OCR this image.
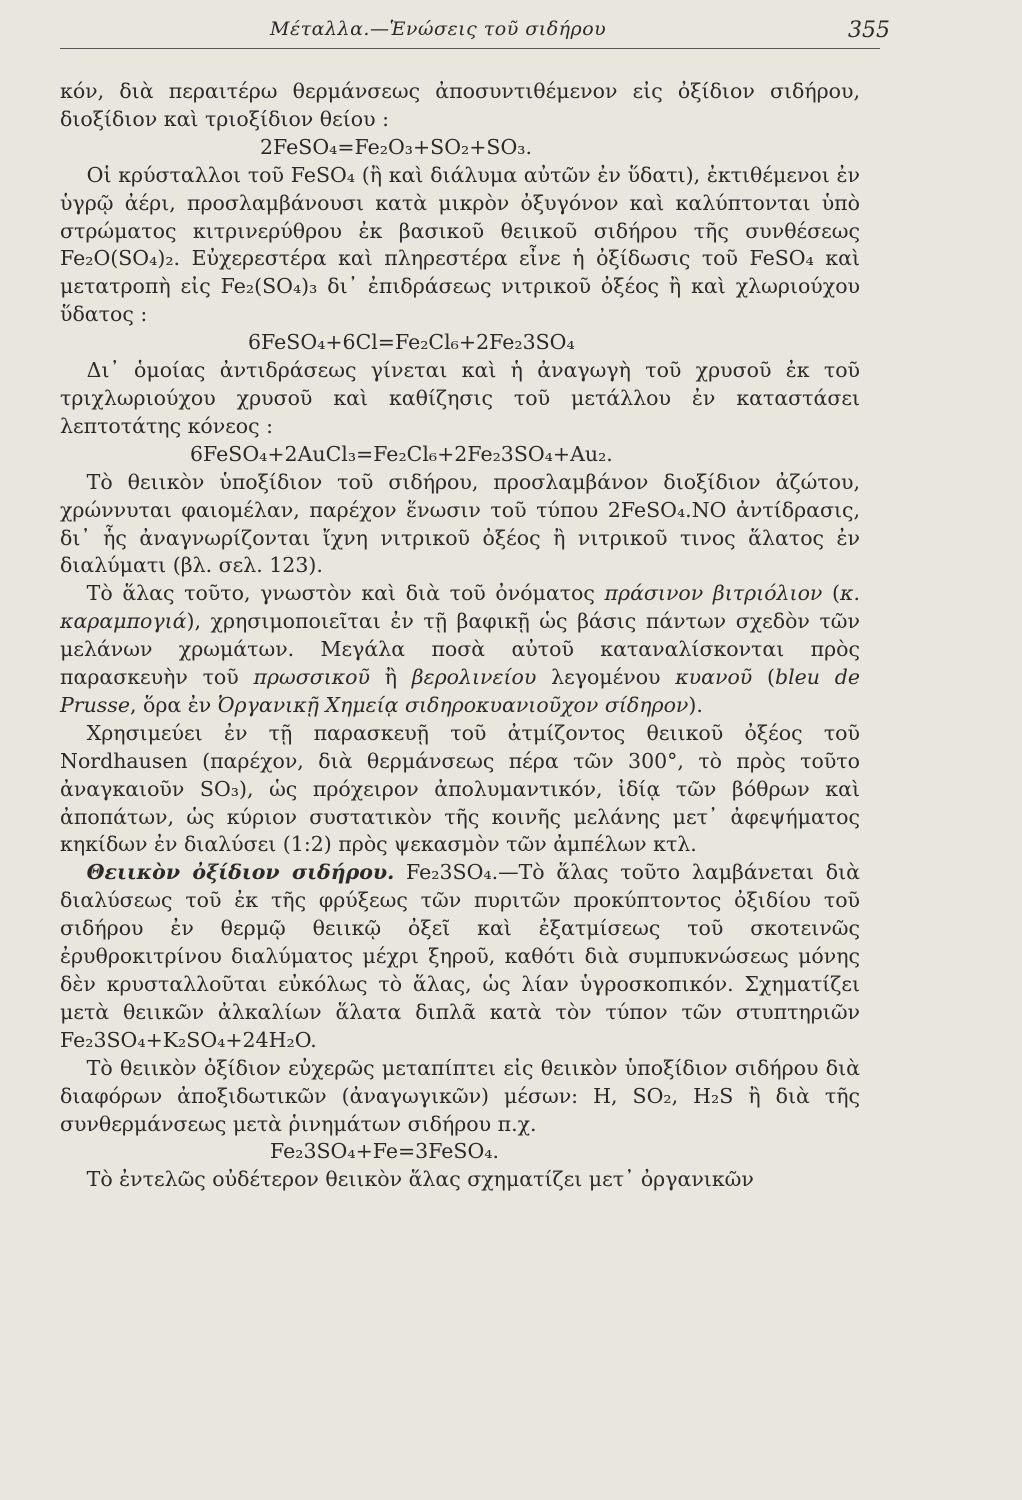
Μέταλλα.—Ἑνώσεις τοῦ σιδήρου	355

κόν, διὰ περαιτέρω θερμάνσεως ἀποσυντιθέμενον εἰς ὀξίδιον σιδήρου, διοξίδιον καὶ τριοξίδιον θείου :

2FeSO₄=Fe₂O₃+SO₂+SO₃.

Οἱ κρύσταλλοι τοῦ FeSO₄ (ἢ καὶ διάλυμα αὐτῶν ἐν ὕδατι), ἐκτιθέμενοι ἐν ὑγρῷ ἀέρι, προσλαμβάνουσι κατὰ μικρὸν ὀξυγόνον καὶ καλύπτονται ὑπὸ στρώματος κιτρινερύθρου ἐκ βασικοῦ θειικοῦ σιδήρου τῆς συνθέσεως Fe₂O(SO₄)₂. Εὐχερεστέρα καὶ πληρεστέρα εἶνε ἡ ὀξίδωσις τοῦ FeSO₄ καὶ μετατροπὴ εἰς Fe₂(SO₄)₃ δι᾽ ἐπιδράσεως νιτρικοῦ ὀξέος ἢ καὶ χλωριούχου ὕδατος :

6FeSO₄+6Cl=Fe₂Cl₆+2Fe₂3SO₄

Δι᾽ ὁμοίας ἀντιδράσεως γίνεται καὶ ἡ ἀναγωγὴ τοῦ χρυσοῦ ἐκ τοῦ τριχλωριούχου χρυσοῦ καὶ καθίζησις τοῦ μετάλλου ἐν καταστάσει λεπτοτάτης κόνεος :

6FeSO₄+2AuCl₃=Fe₂Cl₆+2Fe₂3SO₄+Au₂.

Τὸ θειικὸν ὑποξίδιον τοῦ σιδήρου, προσλαμβάνον διοξίδιον ἀζώτου, χρώννυται φαιομέλαν, παρέχον ἕνωσιν τοῦ τύπου 2FeSO₄.NO ἀντίδρασις, δι᾽ ἧς ἀναγνωρίζονται ἴχνη νιτρικοῦ ὀξέος ἢ νιτρικοῦ τινος ἅλατος ἐν διαλύματι (βλ. σελ. 123).

Τὸ ἅλας τοῦτο, γνωστὸν καὶ διὰ τοῦ ὀνόματος πράσινον βιτριόλιον (κ. καραμπογιά), χρησιμοποιεῖται ἐν τῇ βαφικῇ ὡς βάσις πάντων σχεδὸν τῶν μελάνων χρωμάτων. Μεγάλα ποσὰ αὐτοῦ καταναλίσκονται πρὸς παρασκευὴν τοῦ πρωσσικοῦ ἢ βερολινείου λεγομένου κυανοῦ (bleu de Prusse, ὅρα ἐν Ὀργανικῇ Χημείᾳ σιδηροκυανιοῦχον σίδηρον).

Χρησιμεύει ἐν τῇ παρασκευῇ τοῦ ἀτμίζοντος θειικοῦ ὀξέος τοῦ Nordhausen (παρέχον, διὰ θερμάνσεως πέρα τῶν 300°, τὸ πρὸς τοῦτο ἀναγκαιοῦν SO₃), ὡς πρόχειρον ἀπολυμαντικόν, ἰδίᾳ τῶν βόθρων καὶ ἀποπάτων, ὡς κύριον συστατικὸν τῆς κοινῆς μελάνης μετ᾽ ἀφεψήματος κηκίδων ἐν διαλύσει (1:2) πρὸς ψεκασμὸν τῶν ἀμπέλων κτλ.

Θειικὸν ὀξίδιον σιδήρου. Fe₂3SO₄.—Τὸ ἅλας τοῦτο λαμβάνεται διὰ διαλύσεως τοῦ ἐκ τῆς φρύξεως τῶν πυριτῶν προκύπτοντος ὀξιδίου τοῦ σιδήρου ἐν θερμῷ θειικῷ ὀξεῖ καὶ ἐξατμίσεως τοῦ σκοτεινῶς ἐρυθροκιτρίνου διαλύματος μέχρι ξηροῦ, καθότι διὰ συμπυκνώσεως μόνης δὲν κρυσταλλοῦται εὐκόλως τὸ ἅλας, ὡς λίαν ὑγροσκοπικόν. Σχηματίζει μετὰ θειικῶν ἀλκαλίων ἅλατα διπλᾶ κατὰ τὸν τύπον τῶν στυπτηριῶν Fe₂3SO₄+K₂SO₄+24H₂O.

Τὸ θειικὸν ὀξίδιον εὐχερῶς μεταπίπτει εἰς θειικὸν ὑποξίδιον σιδήρου διὰ διαφόρων ἀποξιδωτικῶν (ἀναγωγικῶν) μέσων: H, SO₂, H₂S ἢ διὰ τῆς συνθερμάνσεως μετὰ ῥινημάτων σιδήρου π.χ.

Fe₂3SO₄+Fe=3FeSO₄.

Τὸ ἐντελῶς οὐδέτερον θειικὸν ἅλας σχηματίζει μετ᾽ ὀργανικῶν
